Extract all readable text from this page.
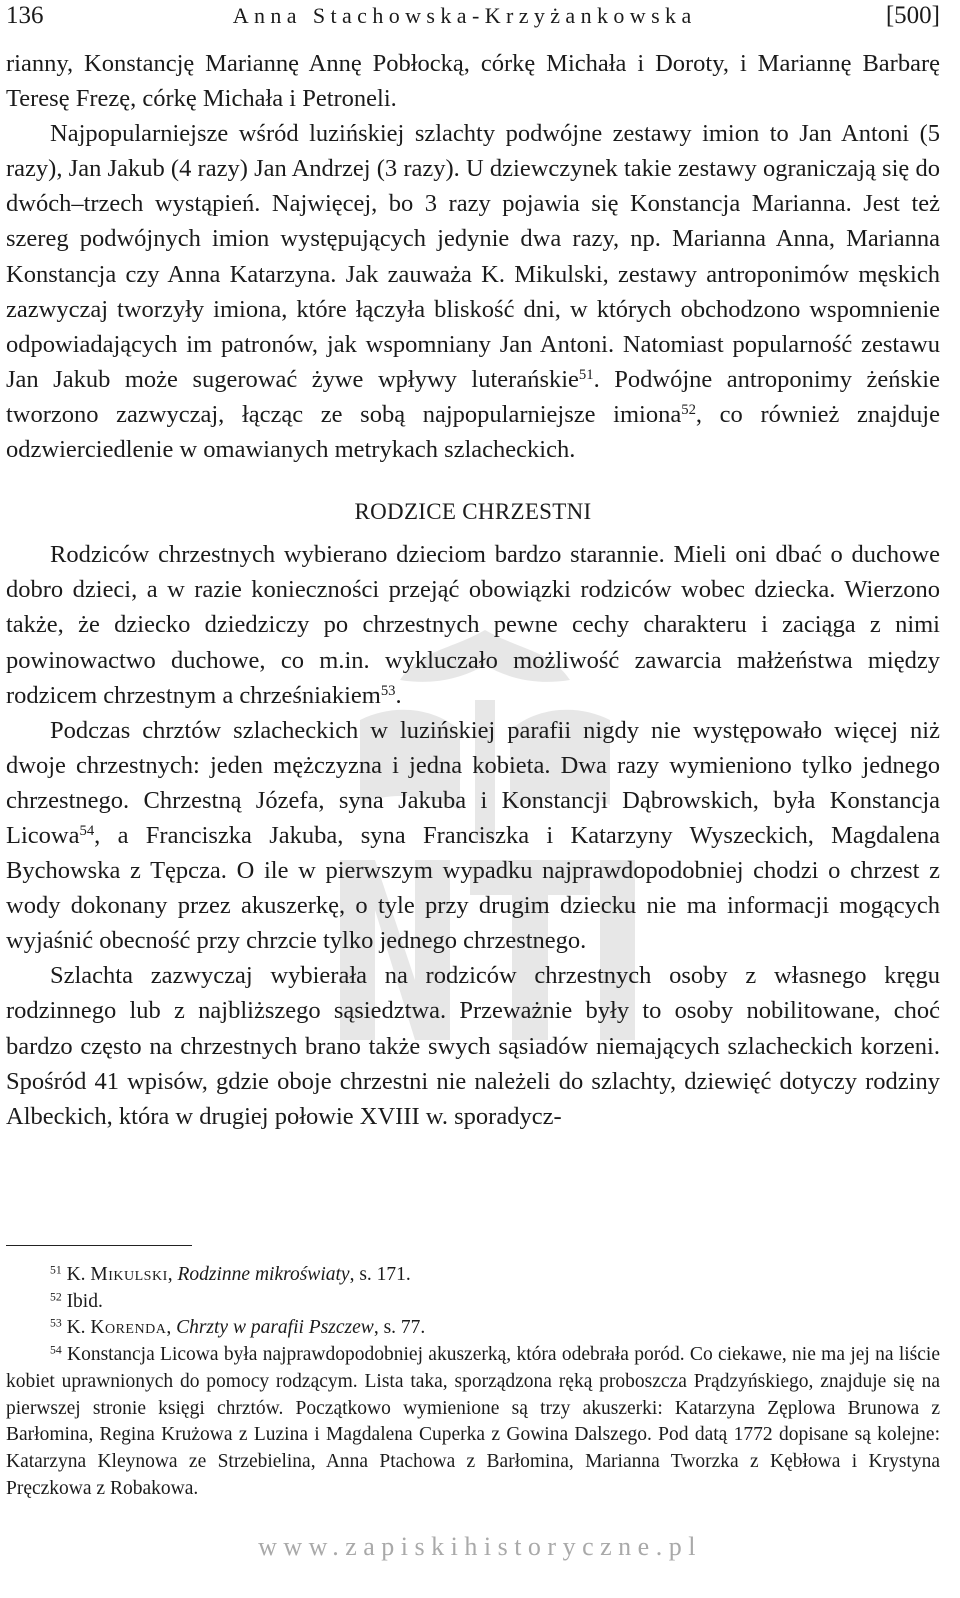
136	Anna Stachowska-Krzyżankowska	[500]

rianny, Konstancję Mariannę Annę Pobłocką, córkę Michała i Doroty, i Mariannę Barbarę Teresę Frezę, córkę Michała i Petroneli.

Najpopularniejsze wśród luzińskiej szlachty podwójne zestawy imion to Jan Antoni (5 razy), Jan Jakub (4 razy) Jan Andrzej (3 razy). U dziewczynek takie zestawy ograniczają się do dwóch–trzech wystąpień. Najwięcej, bo 3 razy pojawia się Konstancja Marianna. Jest też szereg podwójnych imion występujących jedynie dwa razy, np. Marianna Anna, Marianna Konstancja czy Anna Katarzyna. Jak zauważa K. Mikulski, zestawy antroponimów męskich zazwyczaj tworzyły imiona, które łączyła bliskość dni, w których obchodzono wspomnienie odpowiadających im patronów, jak wspomniany Jan Antoni. Natomiast popularność zestawu Jan Jakub może sugerować żywe wpływy luterańskie$^{51}$. Podwójne antroponimy żeńskie tworzono zazwyczaj, łącząc ze sobą najpopularniejsze imiona$^{52}$, co również znajduje odzwierciedlenie w omawianych metrykach szlacheckich.

RODZICE CHRZESTNI

Rodziców chrzestnych wybierano dzieciom bardzo starannie. Mieli oni dbać o duchowe dobro dzieci, a w razie konieczności przejąć obowiązki rodziców wobec dziecka. Wierzono także, że dziecko dziedziczy po chrzestnych pewne cechy charakteru i zaciąga z nimi powinowactwo duchowe, co m.in. wykluczało możliwość zawarcia małżeństwa między rodzicem chrzestnym a chrześniakiem$^{53}$.

Podczas chrztów szlacheckich w luzińskiej parafii nigdy nie występowało więcej niż dwoje chrzestnych: jeden mężczyzna i jedna kobieta. Dwa razy wymieniono tylko jednego chrzestnego. Chrzestną Józefa, syna Jakuba i Konstancji Dąbrowskich, była Konstancja Licowa$^{54}$, a Franciszka Jakuba, syna Franciszka i Katarzyny Wyszeckich, Magdalena Bychowska z Tępcza. O ile w pierwszym wypadku najprawdopodobniej chodzi o chrzest z wody dokonany przez akuszerkę, o tyle przy drugim dziecku nie ma informacji mogących wyjaśnić obecność przy chrzcie tylko jednego chrzestnego.

Szlachta zazwyczaj wybierała na rodziców chrzestnych osoby z własnego kręgu rodzinnego lub z najbliższego sąsiedztwa. Przeważnie były to osoby nobilitowane, choć bardzo często na chrzestnych brano także swych sąsiadów niemających szlacheckich korzeni. Spośród 41 wpisów, gdzie oboje chrzestni nie należeli do szlachty, dziewięć dotyczy rodziny Albeckich, która w drugiej połowie XVIII w. sporadycz-

$^{51}$ K. Mikulski, Rodzinne mikroświaty, s. 171.

$^{52}$ Ibid.

$^{53}$ K. Korenda, Chrzty w parafii Pszczew, s. 77.

$^{54}$ Konstancja Licowa była najprawdopodobniej akuszerką, która odebrała poród. Co ciekawe, nie ma jej na liście kobiet uprawnionych do pomocy rodzącym. Lista taka, sporządzona ręką proboszcza Prądzyńskiego, znajduje się na pierwszej stronie księgi chrztów. Początkowo wymienione są trzy akuszerki: Katarzyna Zęplowa Brunowa z Barłomina, Regina Krużowa z Luzina i Magdalena Cuperka z Gowina Dalszego. Pod datą 1772 dopisane są kolejne: Katarzyna Kleynowa ze Strzebielina, Anna Ptachowa z Barłomina, Marianna Tworzka z Kębłowa i Krystyna Pręczkowa z Robakowa.

www.zapiskihistoryczne.pl
